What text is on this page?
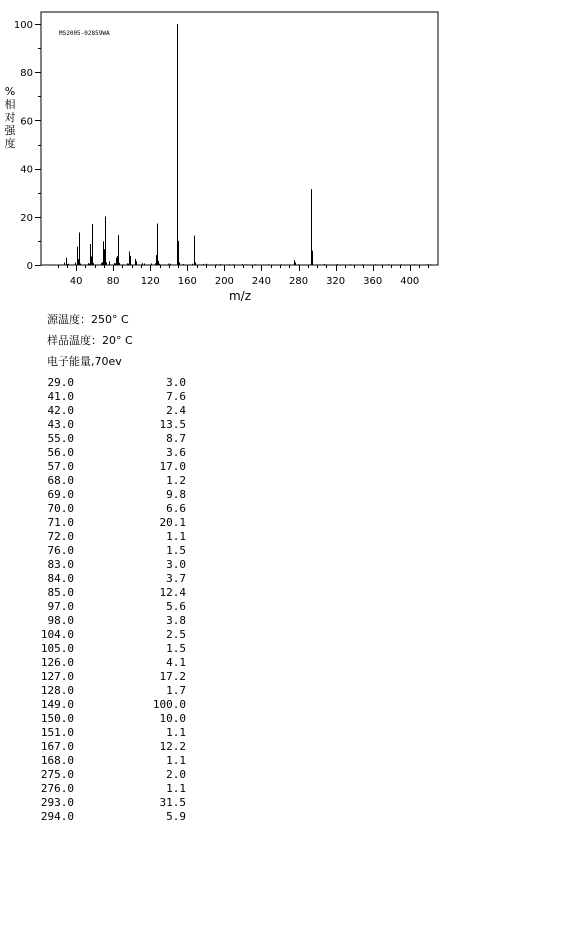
MS2005-02859WA
40 80 120 160 200 240 280 320 360 400
0
20
40
60
80
100
m/z
度强对相%
源温度：250° C
样品温度：20° C
电子能量,70ev
29.0	3.0
41.0	7.6
42.0	2.4
43.0	13.5
55.0	8.7
56.0	3.6
57.0	17.0
68.0	1.2
69.0	9.8
70.0	6.6
71.0	20.1
72.0	1.1
76.0	1.5
83.0	3.0
84.0	3.7
85.0	12.4
97.0	5.6
98.0	3.8
104.0	2.5
105.0	1.5
126.0	4.1
127.0	17.2
128.0	1.7
149.0	100.0
150.0	10.0
151.0	1.1
167.0	12.2
168.0	1.1
275.0	2.0
276.0	1.1
293.0	31.5
294.0	5.9
